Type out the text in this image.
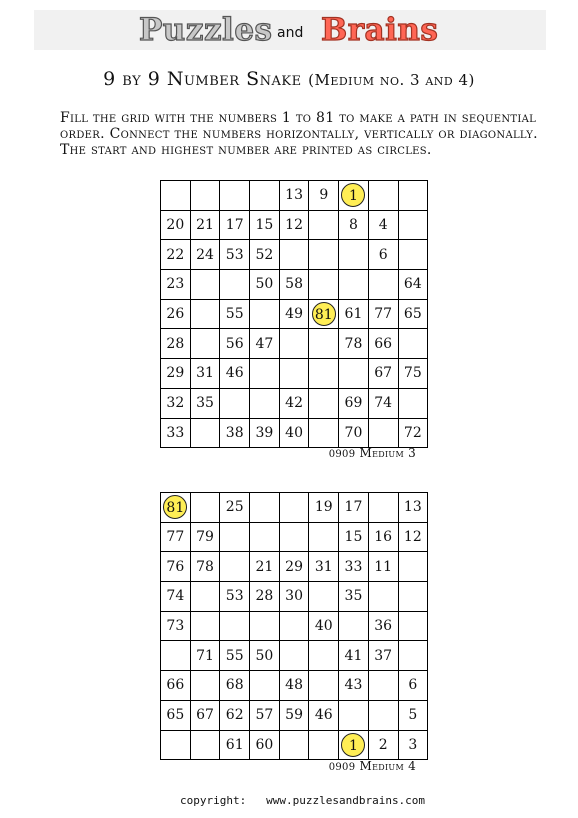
Puzzles and Brains
9 by 9 Number Snake (Medium no. 3 and 4)
Fill the grid with the numbers 1 to 81 to make a path in sequential
order. Connect the numbers horizontally, vertically or diagonally.
The start and highest number are printed as circles.
				13	9	1		
20	21	17	15	12		8	4	
22	24	53	52				6	
23			50	58				64
26		55		49	81	61	77	65
28		56	47			78	66	
29	31	46					67	75
32	35			42		69	74	
33		38	39	40		70		72
0909 Medium 3
81		25			19	17		13
77	79					15	16	12
76	78		21	29	31	33	11	
74		53	28	30		35		
73					40		36	
	71	55	50			41	37	
66		68		48		43		6
65	67	62	57	59	46			5
		61	60			1	2	3
0909 Medium 4
copyright: www.puzzlesandbrains.com
